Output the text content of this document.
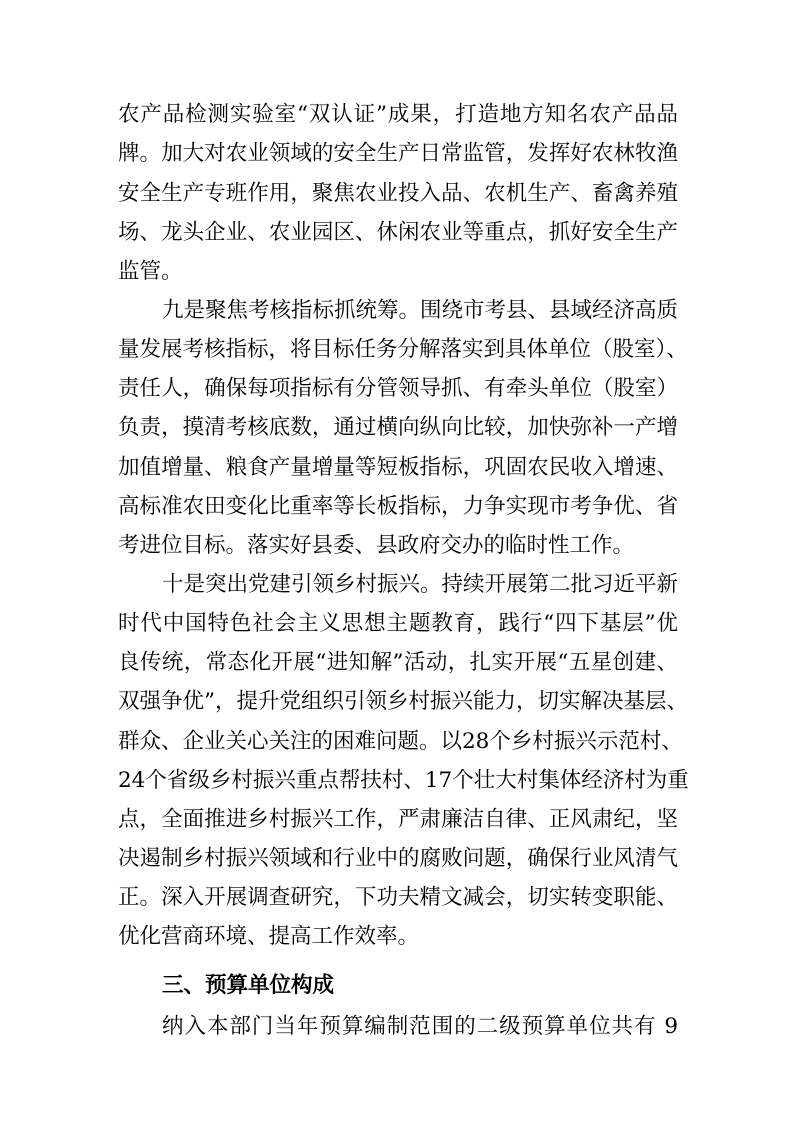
农产品检测实验室“双认证”成果，打造地方知名农产品品
牌。加大对农业领域的安全生产日常监管，发挥好农林牧渔
安全生产专班作用，聚焦农业投入品、农机生产、畜禽养殖
场、龙头企业、农业园区、休闲农业等重点，抓好安全生产
监管。
九是聚焦考核指标抓统筹。围绕市考县、县域经济高质
量发展考核指标，将目标任务分解落实到具体单位（股室）、
责任人，确保每项指标有分管领导抓、有牵头单位（股室）
负责，摸清考核底数，通过横向纵向比较，加快弥补一产增
加值增量、粮食产量增量等短板指标，巩固农民收入增速、
高标准农田变化比重率等长板指标，力争实现市考争优、省
考进位目标。落实好县委、县政府交办的临时性工作。
十是突出党建引领乡村振兴。持续开展第二批习近平新
时代中国特色社会主义思想主题教育，践行“四下基层”优
良传统，常态化开展“进知解”活动，扎实开展“五星创建、
双强争优”，提升党组织引领乡村振兴能力，切实解决基层、
群众、企业关心关注的困难问题。以28个乡村振兴示范村、
24个省级乡村振兴重点帮扶村、17个壮大村集体经济村为重
点，全面推进乡村振兴工作，严肃廉洁自律、正风肃纪，坚
决遏制乡村振兴领域和行业中的腐败问题，确保行业风清气
正。深入开展调查研究，下功夫精文减会，切实转变职能、
优化营商环境、提高工作效率。
三、预算单位构成
纳入本部门当年预算编制范围的二级预算单位共有 9
